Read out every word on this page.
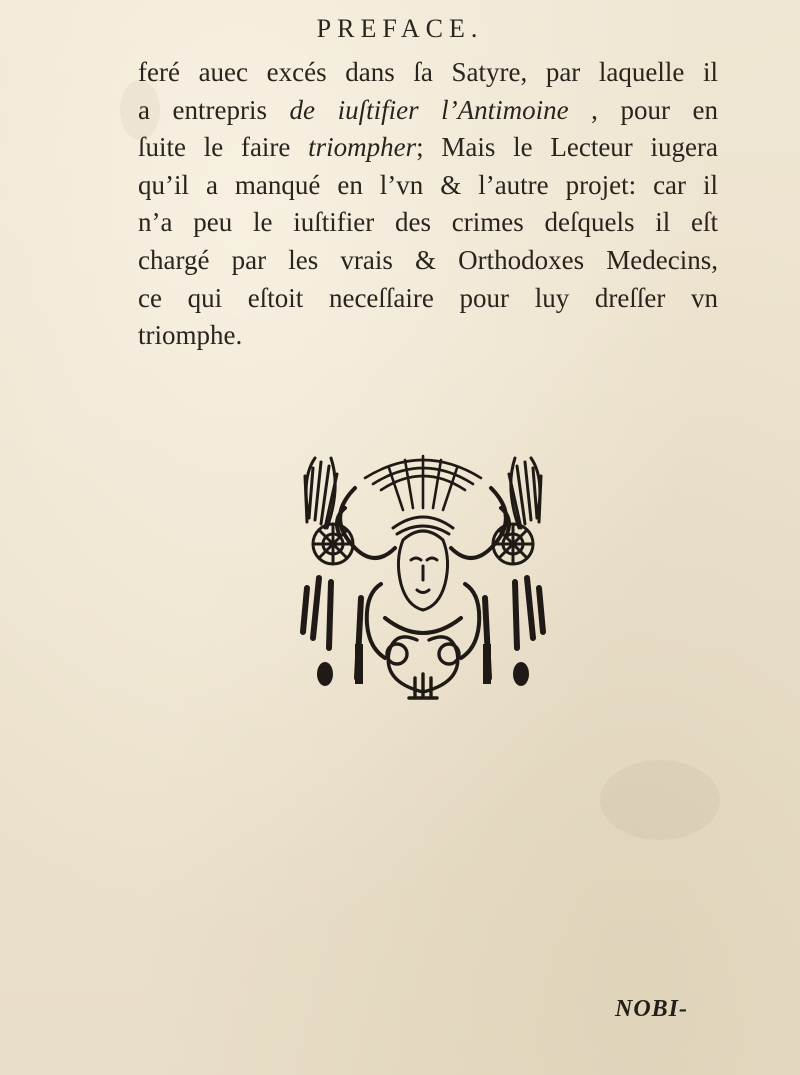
PREFACE.
feré auec excés dans ſa Satyre, par laquelle il
a entrepris de iuſtifier l’Antimoine , pour en
ſuite le faire triompher; Mais le Lecteur iugera
qu’il a manqué en l’vn & l’autre projet: car il
n’a peu le iuſtifier des crimes deſquels il eſt
chargé par les vrais & Orthodoxes Medecins,
ce qui eſtoit neceſſaire pour luy dreſſer vn
triomphe.
NOBI-
